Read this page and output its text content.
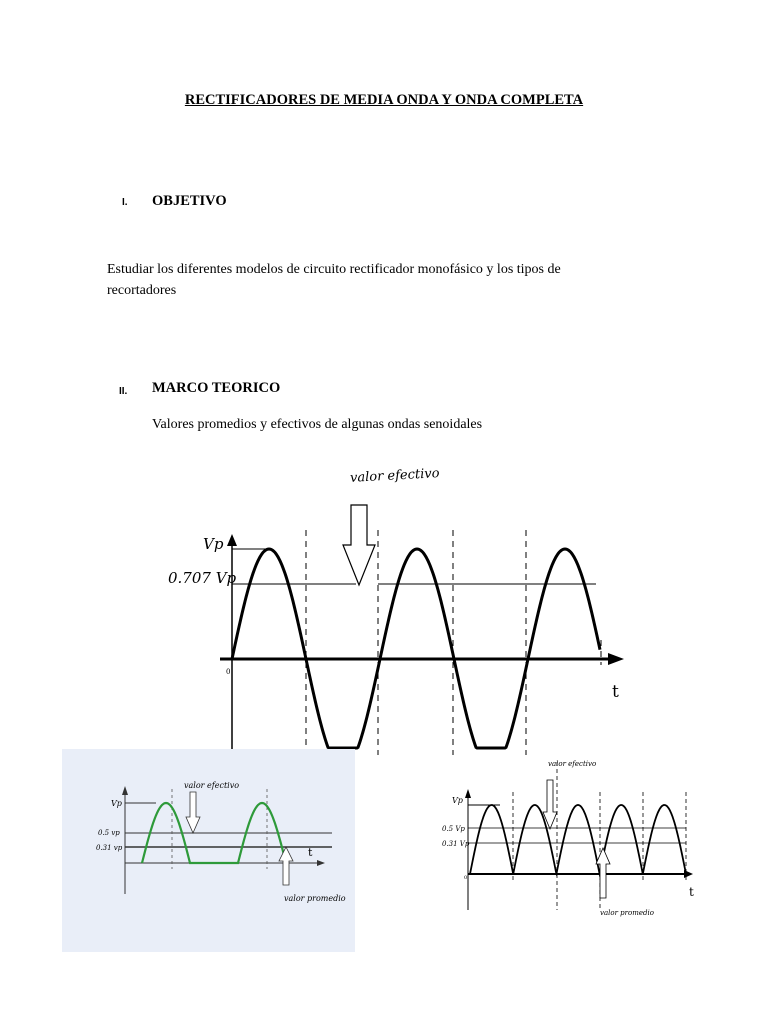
RECTIFICADORES DE MEDIA ONDA Y ONDA COMPLETA
I. OBJETIVO
Estudiar los diferentes modelos de circuito rectificador monofásico y los tipos de
recortadores
II. MARCO TEORICO
Valores promedios y efectivos de algunas ondas senoidales
valor efectivo
Vp
0.707 Vp
t
0
valor efectivo
Vp
0.5 vp
0.31 vp	t
valor promedio
valor efectivo
Vp
0.5 Vp
0.31 Vp
t
0
valor promedio
